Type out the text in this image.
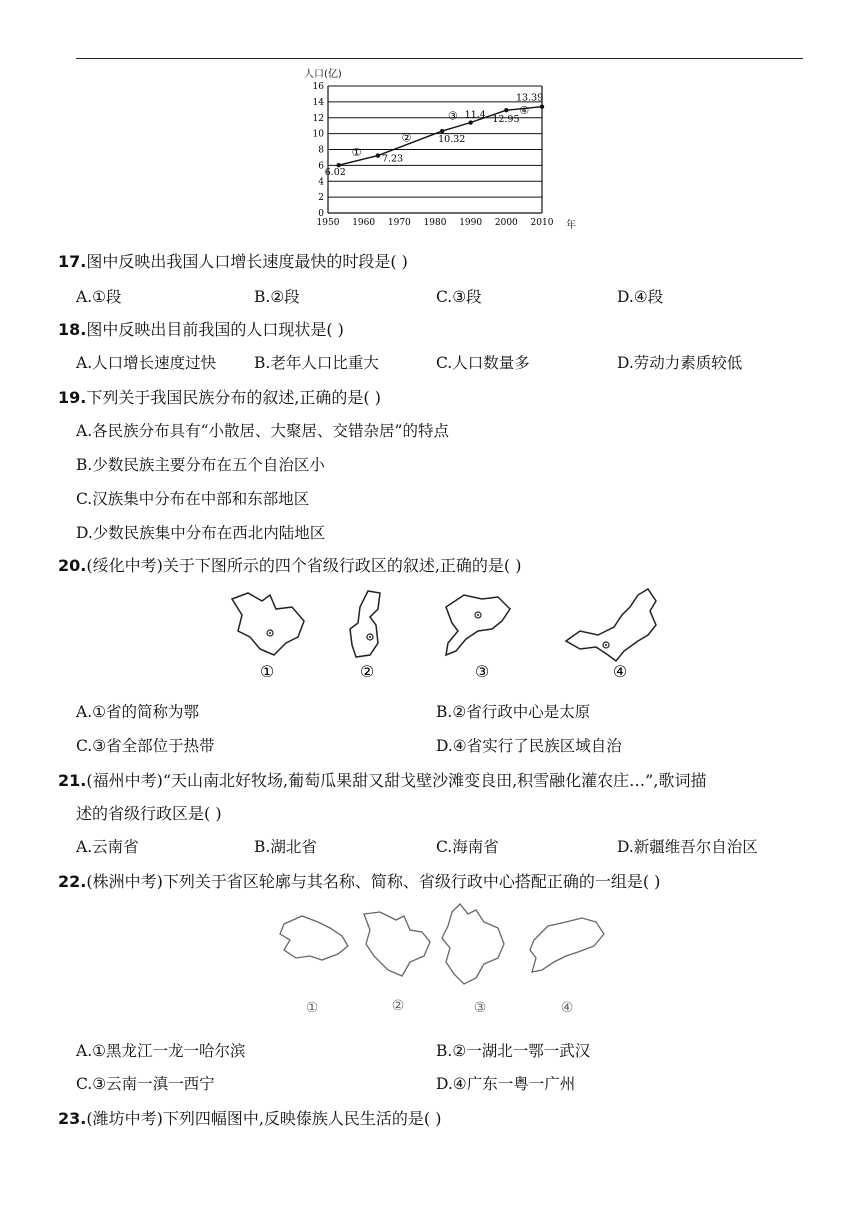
人口(亿)
年
0
2
4
6
8
10
12
14
16
1950 1960 1970 1980 1990 2000 2010
6.02
7.23
10.32
11.4 12.95
13.39
①
②
③	④
17.图中反映出我国人口增长速度最快的时段是( )
A.①段	B.②段	C.③段	D.④段
18.图中反映出目前我国的人口现状是( )
A.人口增长速度过快 B.老年人口比重大	C.人口数量多	D.劳动力素质较低
19.下列关于我国民族分布的叙述,正确的是( )
A.各民族分布具有“小散居、大聚居、交错杂居”的特点
B.少数民族主要分布在五个自治区小
C.汉族集中分布在中部和东部地区
D.少数民族集中分布在西北内陆地区
20.(绥化中考)关于下图所示的四个省级行政区的叙述,正确的是( )
①	②	③	④
A.①省的简称为鄂	B.②省行政中心是太原
C.③省全部位于热带	D.④省实行了民族区域自治
21.(福州中考)“天山南北好牧场,葡萄瓜果甜又甜戈壁沙滩变良田,积雪融化灌农庄…”,歌词描
述的省级行政区是( )
A.云南省	B.湖北省	C.海南省	D.新疆维吾尔自治区
22.(株洲中考)下列关于省区轮廓与其名称、简称、省级行政中心搭配正确的一组是( )
①	②	③	④
A.①黑龙江一龙一哈尔滨	B.②一湖北一鄂一武汉
C.③云南一滇一西宁	D.④广东一粤一广州
23.(潍坊中考)下列四幅图中,反映傣族人民生活的是( )
